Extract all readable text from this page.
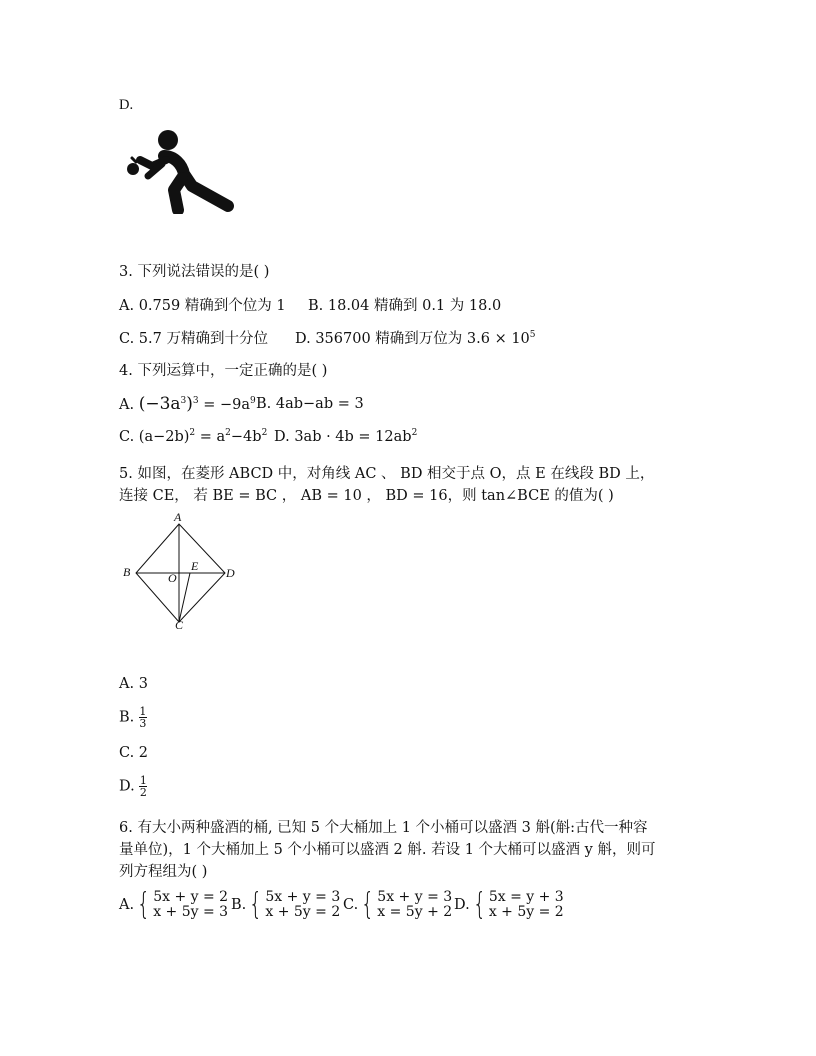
D.
3. 下列说法错误的是( )
A. 0.759 精确到个位为 1 B. 18.04 精确到 0.1 为 18.0
C. 5.7 万精确到十分位 D. 356700 精确到万位为 $3.6 \times 10^5$
4. 下列运算中，一定正确的是( )
A. $(-3a^3)^3 = -9a^9$ B. 4ab−ab = 3
C. $(a-2b)^2 = a^2-4b^2$ D. $3ab \cdot 4b = 12ab^2$
5. 如图，在菱形 ABCD 中，对角线 AC 、 BD 相交于点 O，点 E 在线段 BD 上，
连接 CE， 若 BE = BC ， AB = 10 ， BD = 16，则 tan∠BCE 的值为( )
A
B
C
D
O
E
A. 3
B. $\frac{1}{3}$
C. 2
D. $\frac{1}{2}$
6. 有大小两种盛酒的桶, 已知 5 个大桶加上 1 个小桶可以盛酒 3 斛(斛:古代一种容
量单位)，1 个大桶加上 5 个小桶可以盛酒 2 斛. 若设 1 个大桶可以盛酒 y 斛，则可
列方程组为( )
A. { 5x + y = 2
x + 5y = 3 B. { 5x + y = 3
x + 5y = 2 C. { 5x + y = 3
x = 5y + 2 D. { 5x = y + 3
x + 5y = 2
